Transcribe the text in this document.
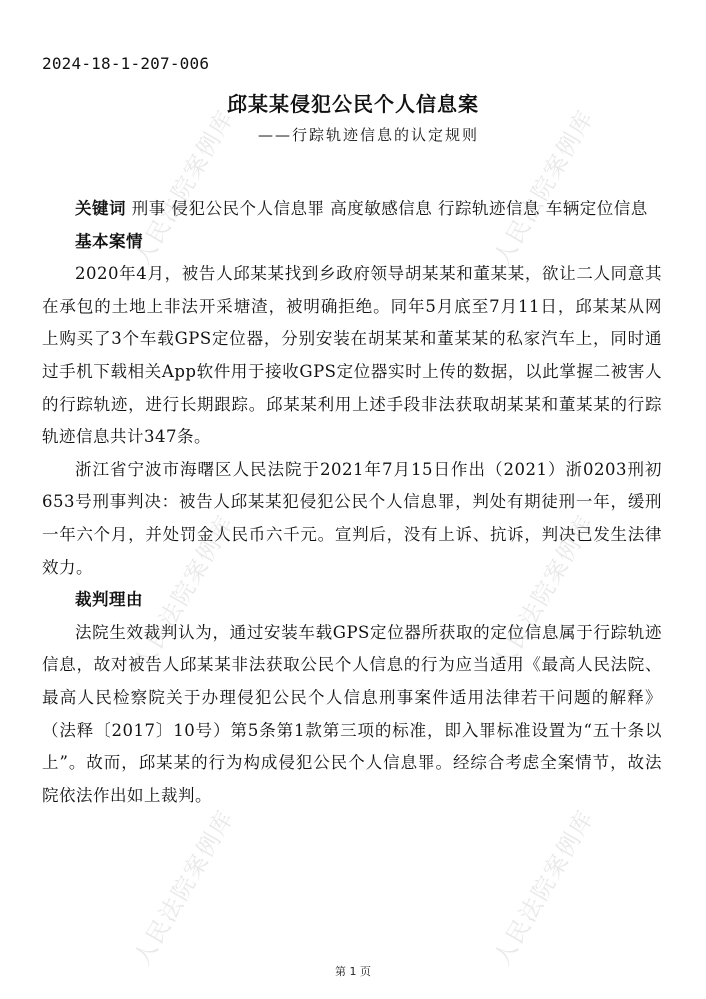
人民法院案例库	人民法院案例库
人民法院案例库	人民法院案例库
人民法院案例库	人民法院案例库
2024-18-1-207-006
邱某某侵犯公民个人信息案
——行踪轨迹信息的认定规则

关键词 刑事 侵犯公民个人信息罪 高度敏感信息 行踪轨迹信息 车辆定位信息

基本案情

2020年4月，被告人邱某某找到乡政府领导胡某某和董某某，欲让二人同意其在承包的土地上非法开采塘渣，被明确拒绝。同年5月底至7月11日，邱某某从网上购买了3个车载GPS定位器，分别安装在胡某某和董某某的私家汽车上，同时通过手机下载相关App软件用于接收GPS定位器实时上传的数据，以此掌握二被害人的行踪轨迹，进行长期跟踪。邱某某利用上述手段非法获取胡某某和董某某的行踪轨迹信息共计347条。

浙江省宁波市海曙区人民法院于2021年7月15日作出（2021）浙0203刑初653号刑事判决：被告人邱某某犯侵犯公民个人信息罪，判处有期徒刑一年，缓刑一年六个月，并处罚金人民币六千元。宣判后，没有上诉、抗诉，判决已发生法律效力。

裁判理由

法院生效裁判认为，通过安装车载GPS定位器所获取的定位信息属于行踪轨迹信息，故对被告人邱某某非法获取公民个人信息的行为应当适用《最高人民法院、最高人民检察院关于办理侵犯公民个人信息刑事案件适用法律若干问题的解释》（法释〔2017〕10号）第5条第1款第三项的标准，即入罪标准设置为“五十条以上”。故而，邱某某的行为构成侵犯公民个人信息罪。经综合考虑全案情节，故法院依法作出如上裁判。

第 1 页
